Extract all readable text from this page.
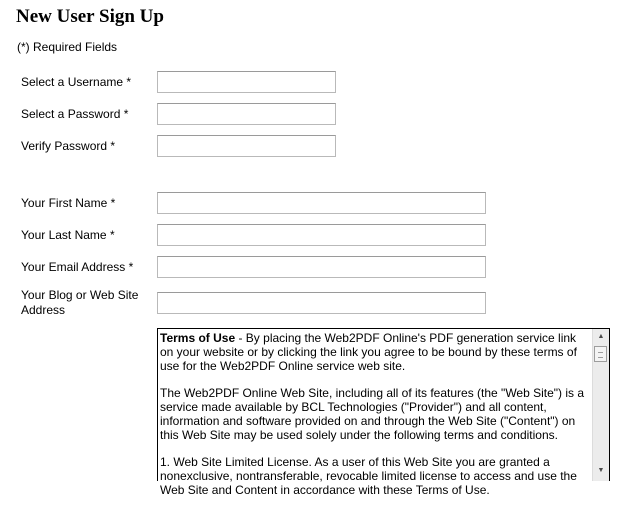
New User Sign Up
(*) Required Fields
Select a Username *
Select a Password *
Verify Password *
Your First Name *
Your Last Name *
Your Email Address *
Your Blog or Web Site
Address

Terms of Use - By placing the Web2PDF Online's PDF generation service link on your website or by clicking the link you agree to be bound by these terms of use for the Web2PDF Online service web site.

The Web2PDF Online Web Site, including all of its features (the "Web Site") is a service made available by BCL Technologies ("Provider") and all content, information and software provided on and through the Web Site ("Content") on this Web Site may be used solely under the following terms and conditions.

1. Web Site Limited License. As a user of this Web Site you are granted a nonexclusive, nontransferable, revocable limited license to access and use the Web Site and Content in accordance with these Terms of Use.

▲
▼
